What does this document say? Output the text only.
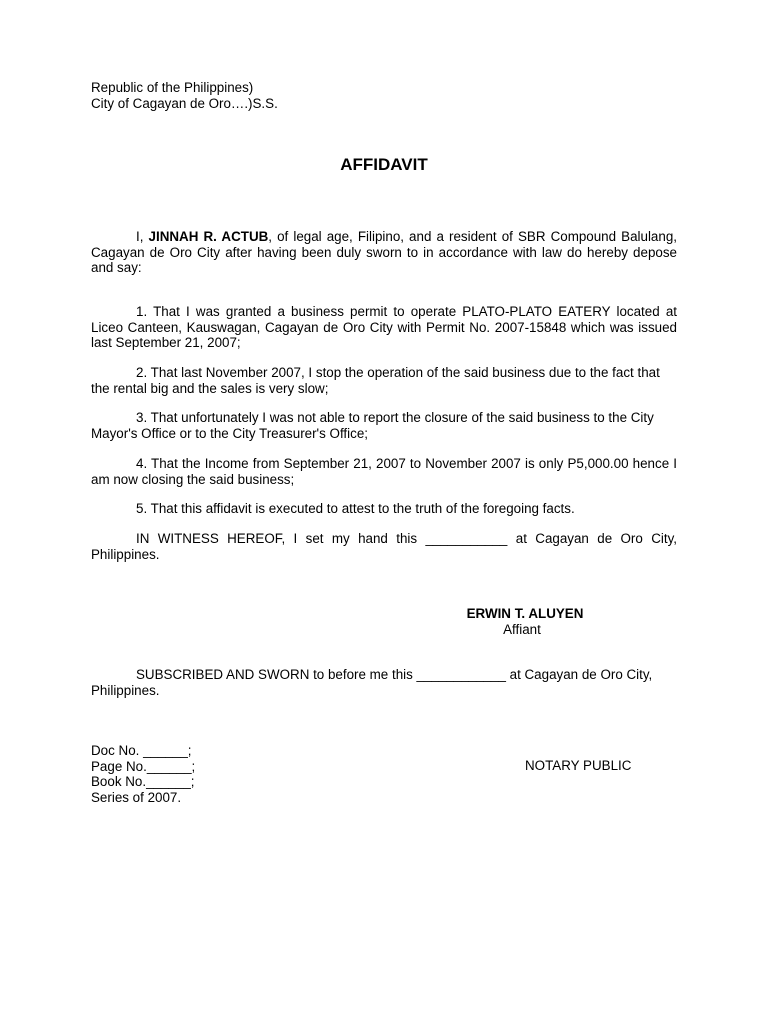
Republic of the Philippines)
City of Cagayan de Oro….)S.S.
AFFIDAVIT
I, JINNAH R. ACTUB, of legal age, Filipino, and a resident of SBR Compound Balulang, Cagayan de Oro City after having been duly sworn to in accordance with law do hereby depose and say:
1. That I was granted a business permit to operate PLATO-PLATO EATERY located at Liceo Canteen, Kauswagan, Cagayan de Oro City with Permit No. 2007-15848 which was issued last September 21, 2007;
2. That last November 2007, I stop the operation of the said business due to the fact that the rental big and the sales is very slow;
3. That unfortunately I was not able to report the closure of the said business to the City Mayor's Office or to the City Treasurer's Office;
4. That the Income from September 21, 2007 to November 2007 is only P5,000.00 hence I am now closing the said business;
5. That this affidavit is executed to attest to the truth of the foregoing facts.
IN WITNESS HEREOF, I set my hand this ___________ at Cagayan de Oro City, Philippines.
ERWIN T. ALUYEN
Affiant
SUBSCRIBED AND SWORN to before me this ____________ at Cagayan de Oro City, Philippines.
Doc No. ______;
Page No.______;
Book No.______;
Series of 2007.
NOTARY PUBLIC
